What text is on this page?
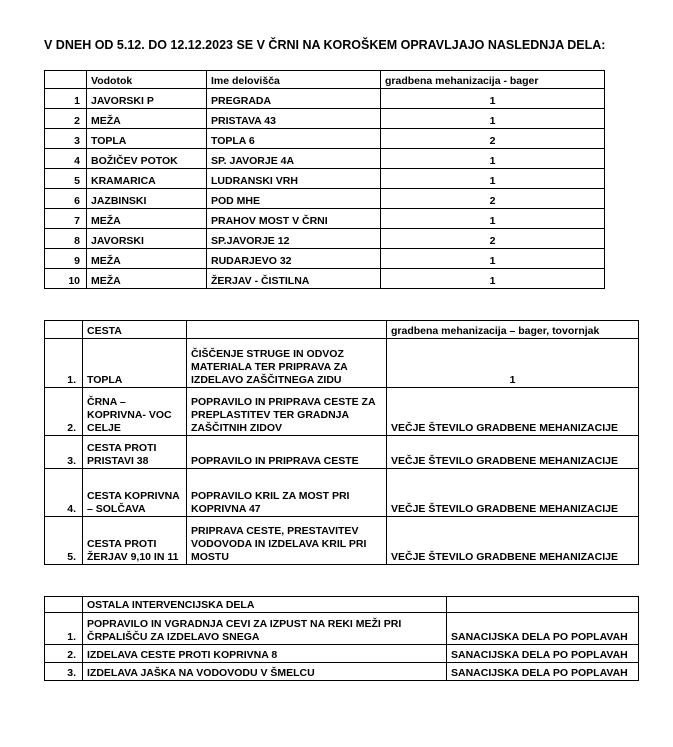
V DNEH OD 5.12. DO 12.12.2023 SE V ČRNI NA KOROŠKEM OPRAVLJAJO NASLEDNJA DELA:
	Vodotok	Ime delovišča	gradbena mehanizacija - bager
1	JAVORSKI P	PREGRADA	1
2	MEŽA	PRISTAVA 43	1
3	TOPLA	TOPLA 6	2
4	BOŽIČEV POTOK	SP. JAVORJE 4A	1
5	KRAMARICA	LUDRANSKI VRH	1
6	JAZBINSKI	POD MHE	2
7	MEŽA	PRAHOV MOST V ČRNI	1
8	JAVORSKI	SP.JAVORJE 12	2
9	MEŽA	RUDARJEVO 32	1
10	MEŽA	ŽERJAV - ČISTILNA	1
	CESTA		gradbena mehanizacija – bager, tovornjak
1.	TOPLA	ČIŠČENJE STRUGE IN ODVOZ MATERIALA TER PRIPRAVA ZA IZDELAVO ZAŠČITNEGA ZIDU	1
2.	ČRNA – KOPRIVNA- VOC CELJE	POPRAVILO IN PRIPRAVA CESTE ZA PREPLASTITEV TER GRADNJA ZAŠČITNIH ZIDOV	VEČJE ŠTEVILO GRADBENE MEHANIZACIJE
3.	CESTA PROTI PRISTAVI 38	POPRAVILO IN PRIPRAVA CESTE	VEČJE ŠTEVILO GRADBENE MEHANIZACIJE
4.	CESTA KOPRIVNA – SOLČAVA	POPRAVILO KRIL ZA MOST PRI KOPRIVNA 47	VEČJE ŠTEVILO GRADBENE MEHANIZACIJE
5.	CESTA PROTI ŽERJAV 9,10 IN 11	PRIPRAVA CESTE, PRESTAVITEV VODOVODA IN IZDELAVA KRIL PRI MOSTU	VEČJE ŠTEVILO GRADBENE MEHANIZACIJE
	OSTALA INTERVENCIJSKA DELA	
1.	POPRAVILO IN VGRADNJA CEVI ZA IZPUST NA REKI MEŽI PRI ČRPALIŠČU ZA IZDELAVO SNEGA	SANACIJSKA DELA PO POPLAVAH
2.	IZDELAVA CESTE PROTI KOPRIVNA 8	SANACIJSKA DELA PO POPLAVAH
3.	IZDELAVA JAŠKA NA VODOVODU V ŠMELCU	SANACIJSKA DELA PO POPLAVAH
